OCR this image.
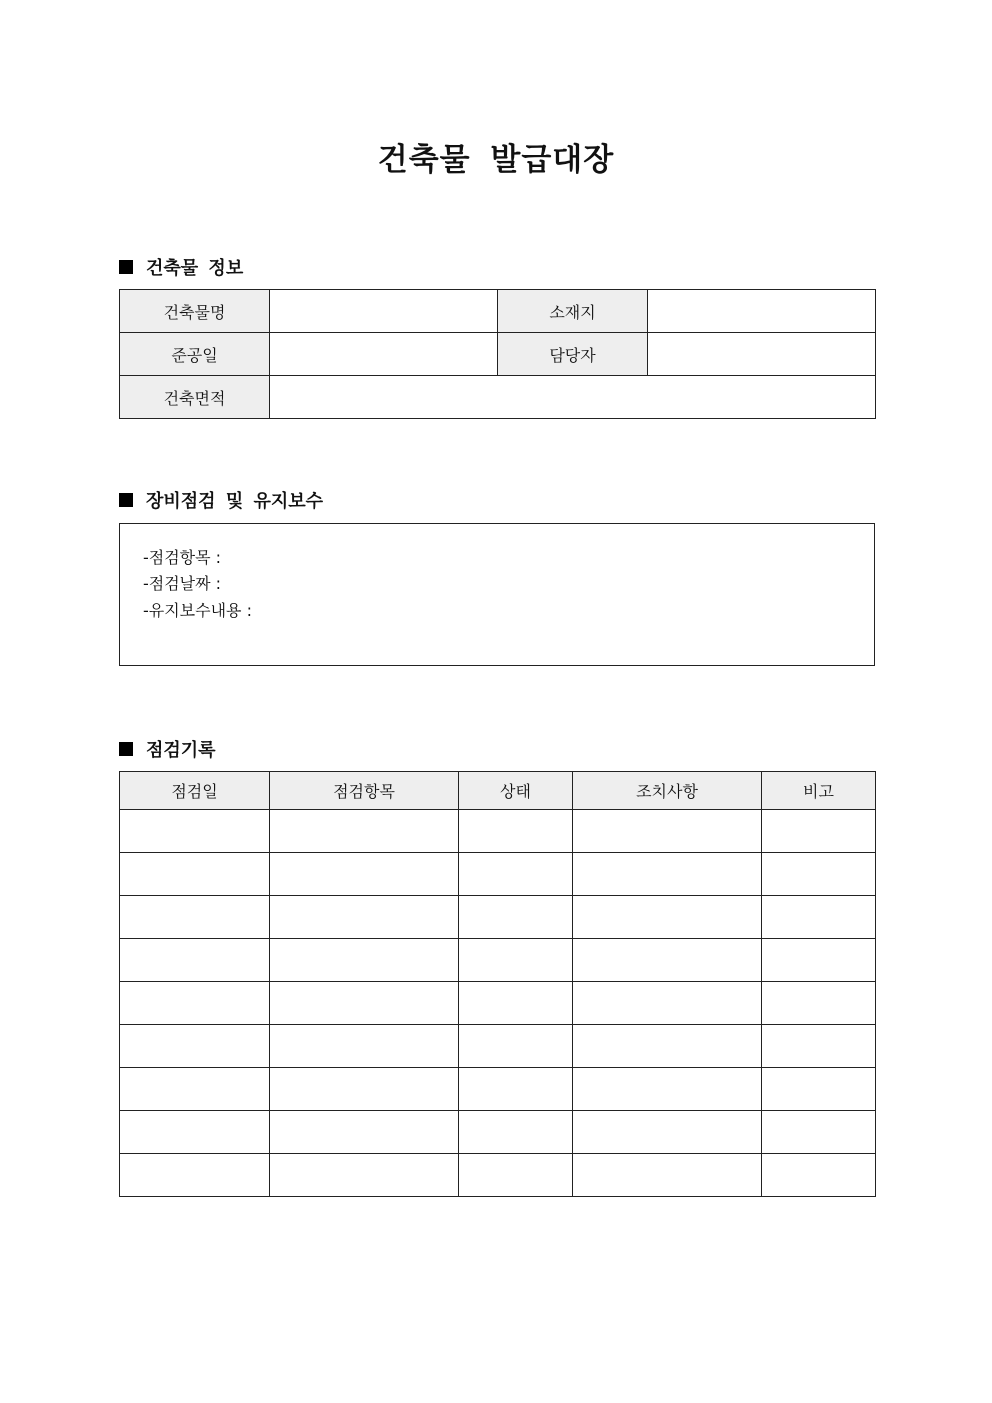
건축물 발급대장
건축물 정보
건축물명		소재지	
준공일		담당자	
건축면적			
장비점검 및 유지보수
-점검항목 :
-점검날짜 :
-유지보수내용 :
점검기록
점검일	점검항목	상태	조치사항	비고
